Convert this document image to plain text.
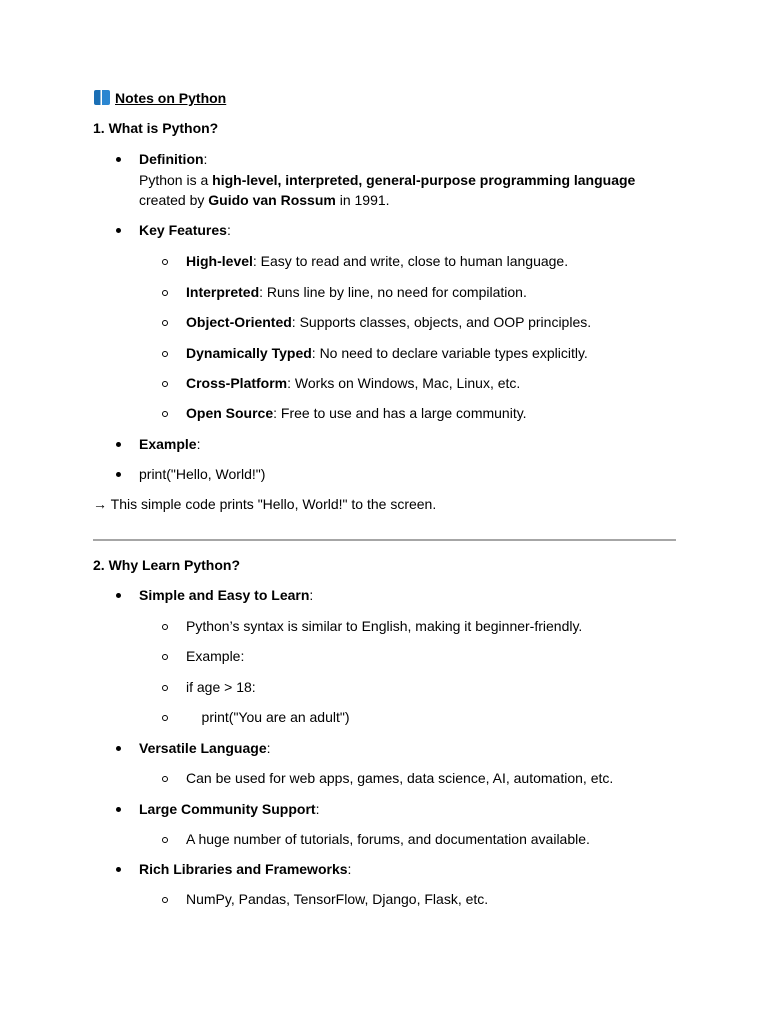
Notes on Python
1. What is Python?
Definition:
Python is a high-level, interpreted, general-purpose programming language
created by Guido van Rossum in 1991.
Key Features:
High-level: Easy to read and write, close to human language.
Interpreted: Runs line by line, no need for compilation.
Object-Oriented: Supports classes, objects, and OOP principles.
Dynamically Typed: No need to declare variable types explicitly.
Cross-Platform: Works on Windows, Mac, Linux, etc.
Open Source: Free to use and has a large community.
Example:
print("Hello, World!")
→ This simple code prints "Hello, World!" to the screen.
2. Why Learn Python?
Simple and Easy to Learn:
Python’s syntax is similar to English, making it beginner-friendly.
Example:
if age > 18:
print("You are an adult")
Versatile Language:
Can be used for web apps, games, data science, AI, automation, etc.
Large Community Support:
A huge number of tutorials, forums, and documentation available.
Rich Libraries and Frameworks:
NumPy, Pandas, TensorFlow, Django, Flask, etc.
